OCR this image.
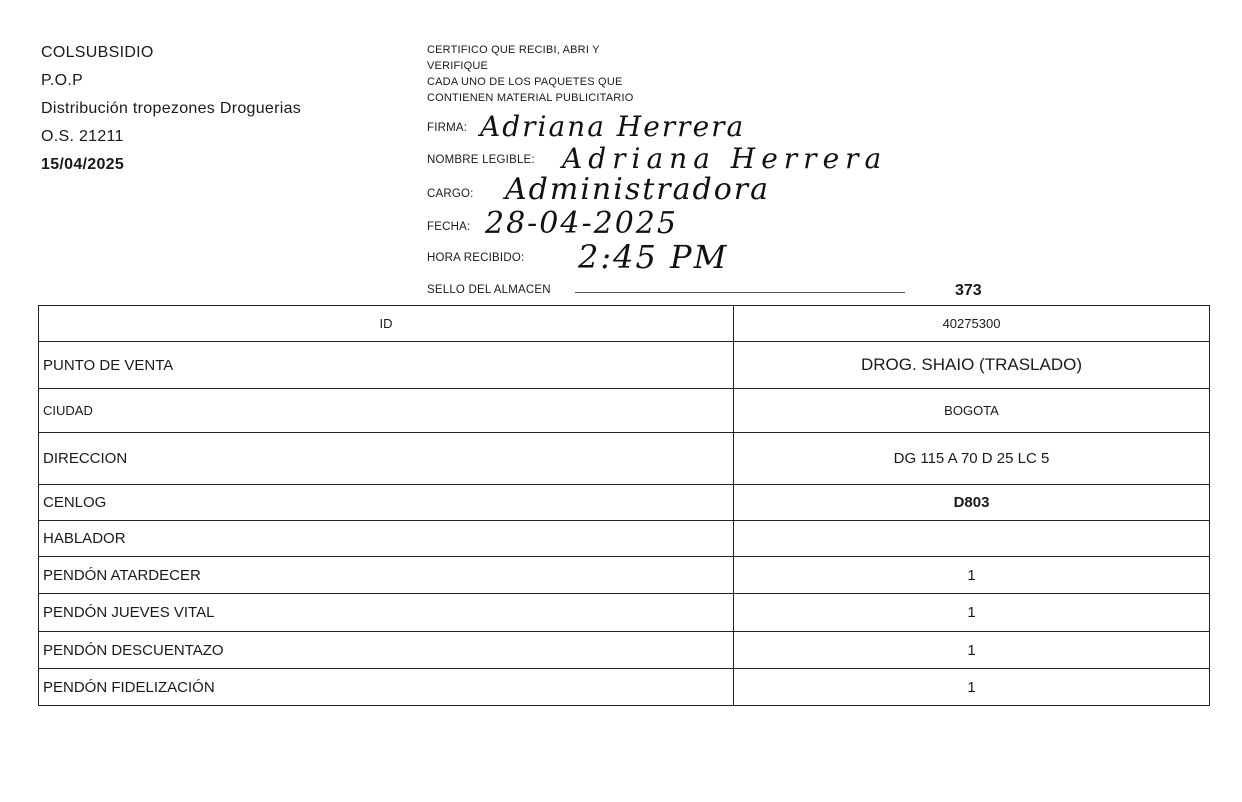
COLSUBSIDIO
P.O.P
Distribución tropezones Droguerias
O.S. 21211
15/04/2025
CERTIFICO QUE RECIBI, ABRI Y
VERIFIQUE
CADA UNO DE LOS PAQUETES QUE
CONTIENEN MATERIAL PUBLICITARIO
FIRMA: Adriana Herrera
NOMBRE LEGIBLE: Adriana Herrera
CARGO: Administradora
FECHA: 28-04-2025
HORA RECIBIDO: 2:45 PM
SELLO DEL ALMACEN	373
ID	40275300
PUNTO DE VENTA	DROG. SHAIO (TRASLADO)
CIUDAD	BOGOTA
DIRECCION	DG 115 A 70 D 25 LC 5
CENLOG	D803
HABLADOR	
PENDÓN ATARDECER	1
PENDÓN JUEVES VITAL	1
PENDÓN DESCUENTAZO	1
PENDÓN FIDELIZACIÓN	1
